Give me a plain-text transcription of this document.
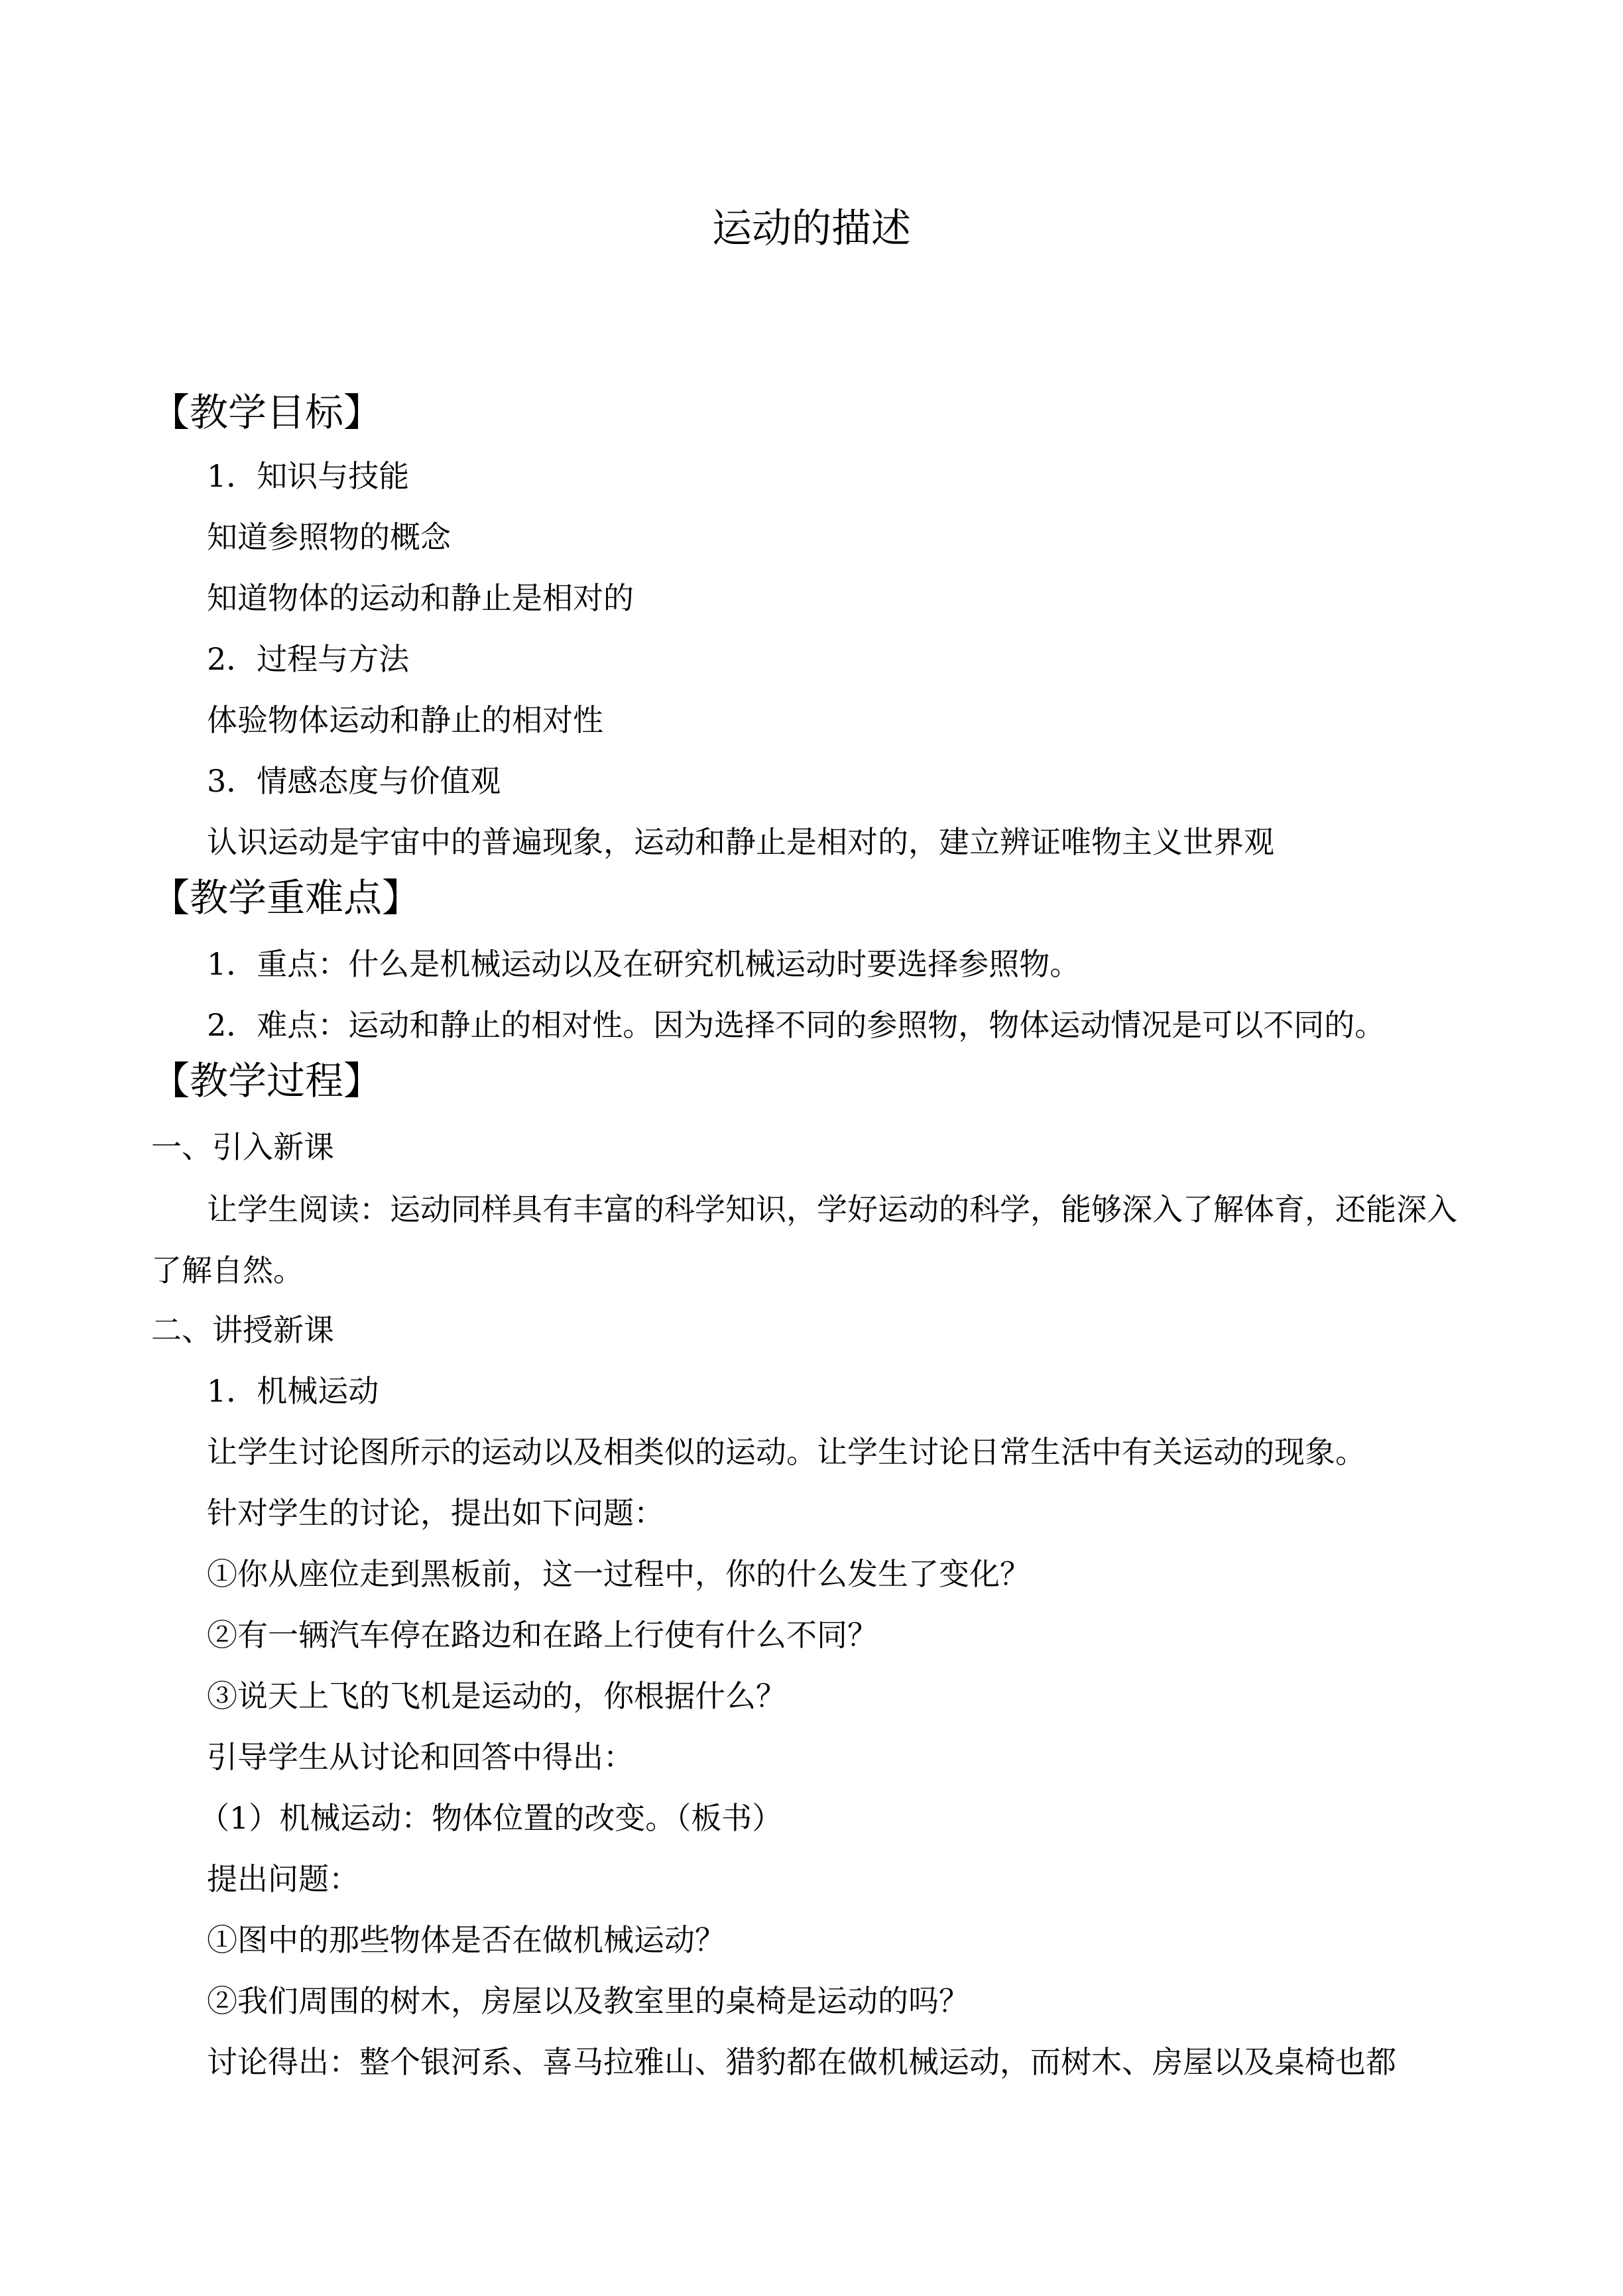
运动的描述
【教学目标】
1．知识与技能
知道参照物的概念
知道物体的运动和静止是相对的
2．过程与方法
体验物体运动和静止的相对性
3．情感态度与价值观
认识运动是宇宙中的普遍现象，运动和静止是相对的，建立辨证唯物主义世界观
【教学重难点】
1．重点：什么是机械运动以及在研究机械运动时要选择参照物。
2．难点：运动和静止的相对性。因为选择不同的参照物，物体运动情况是可以不同的。
【教学过程】
一、引入新课
让学生阅读：运动同样具有丰富的科学知识，学好运动的科学，能够深入了解体育，还能深入了解自然。
二、讲授新课
1．机械运动
让学生讨论图所示的运动以及相类似的运动。让学生讨论日常生活中有关运动的现象。
针对学生的讨论，提出如下问题：
①你从座位走到黑板前，这一过程中，你的什么发生了变化？
②有一辆汽车停在路边和在路上行使有什么不同？
③说天上飞的飞机是运动的，你根据什么？
引导学生从讨论和回答中得出：
（1）机械运动：物体位置的改变。（板书）
提出问题：
①图中的那些物体是否在做机械运动？
②我们周围的树木，房屋以及教室里的桌椅是运动的吗？
讨论得出：整个银河系、喜马拉雅山、猎豹都在做机械运动，而树木、房屋以及桌椅也都
